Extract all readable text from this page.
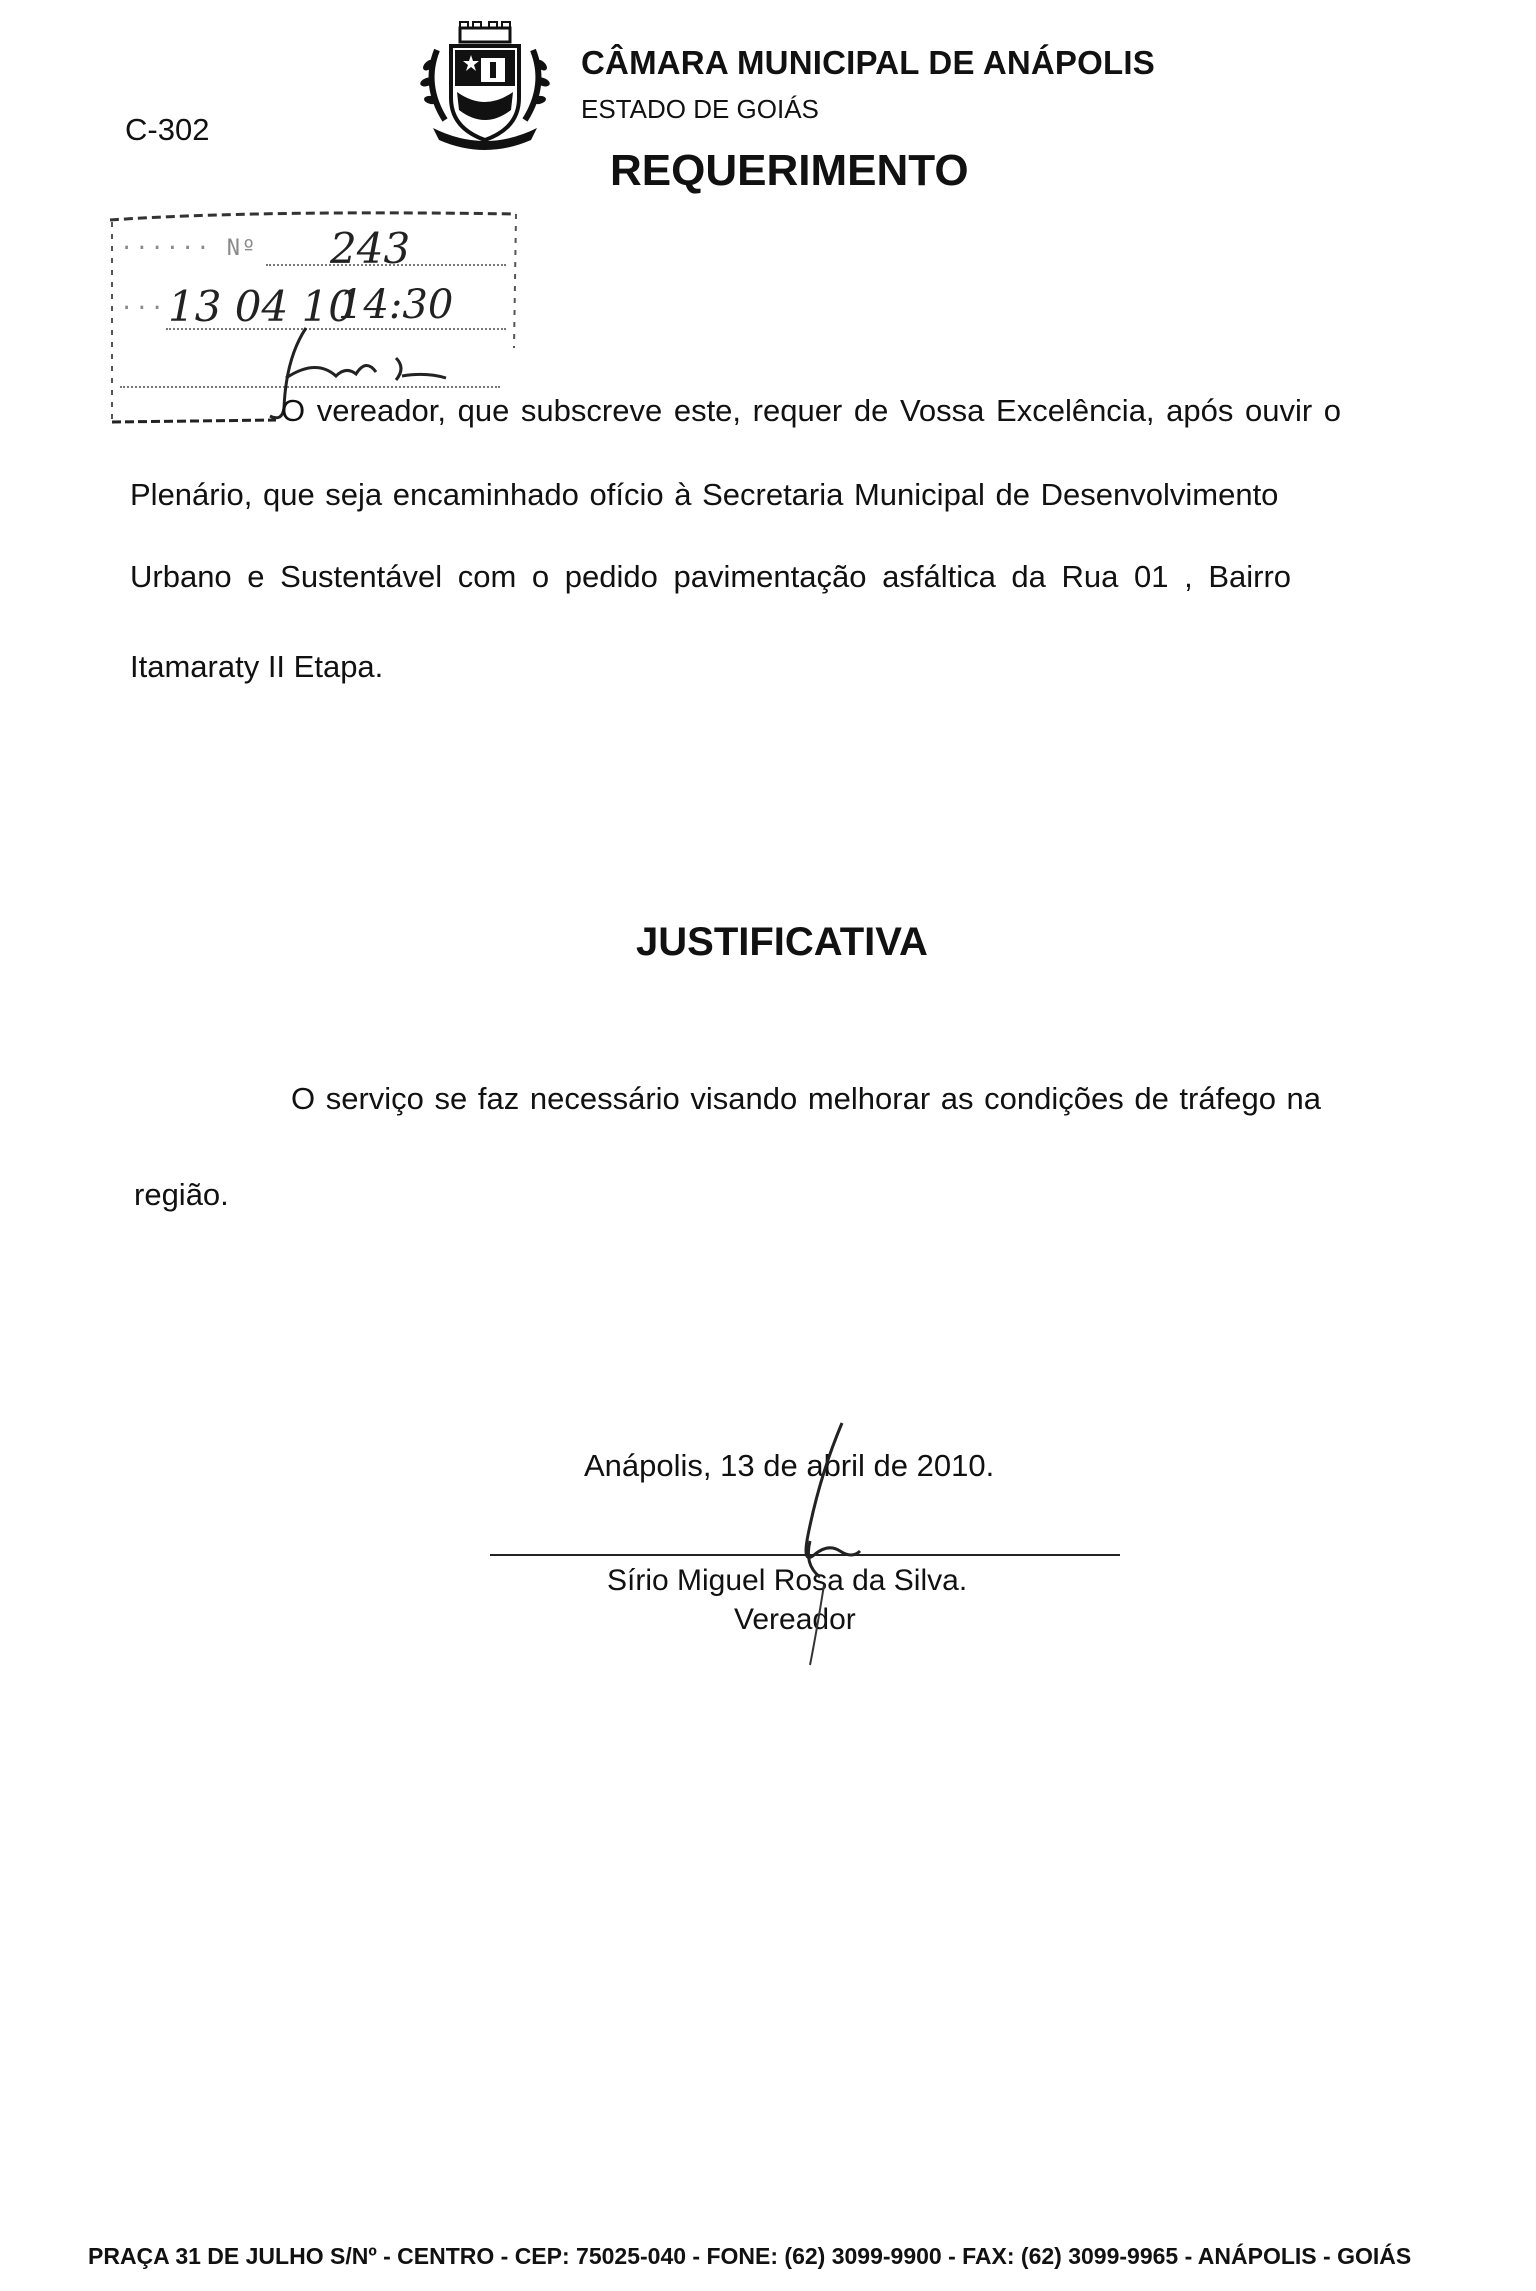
C-302
CÂMARA MUNICIPAL DE ANÁPOLIS
ESTADO DE GOIÁS
REQUERIMENTO
······ Nº 243
··· 13 04 10
14:30
O vereador, que subscreve este, requer de Vossa Excelência, após ouvir o
Plenário, que seja encaminhado ofício à Secretaria Municipal de Desenvolvimento
Urbano e Sustentável com o pedido pavimentação asfáltica da Rua 01 , Bairro
Itamaraty II Etapa.
JUSTIFICATIVA
O serviço se faz necessário visando melhorar as condições de tráfego na
região.
Anápolis, 13 de abril de 2010.
Sírio Miguel Rosa da Silva.
Vereador
PRAÇA 31 DE JULHO S/Nº - CENTRO - CEP: 75025-040 - FONE: (62) 3099-9900 - FAX: (62) 3099-9965 - ANÁPOLIS - GOIÁS
